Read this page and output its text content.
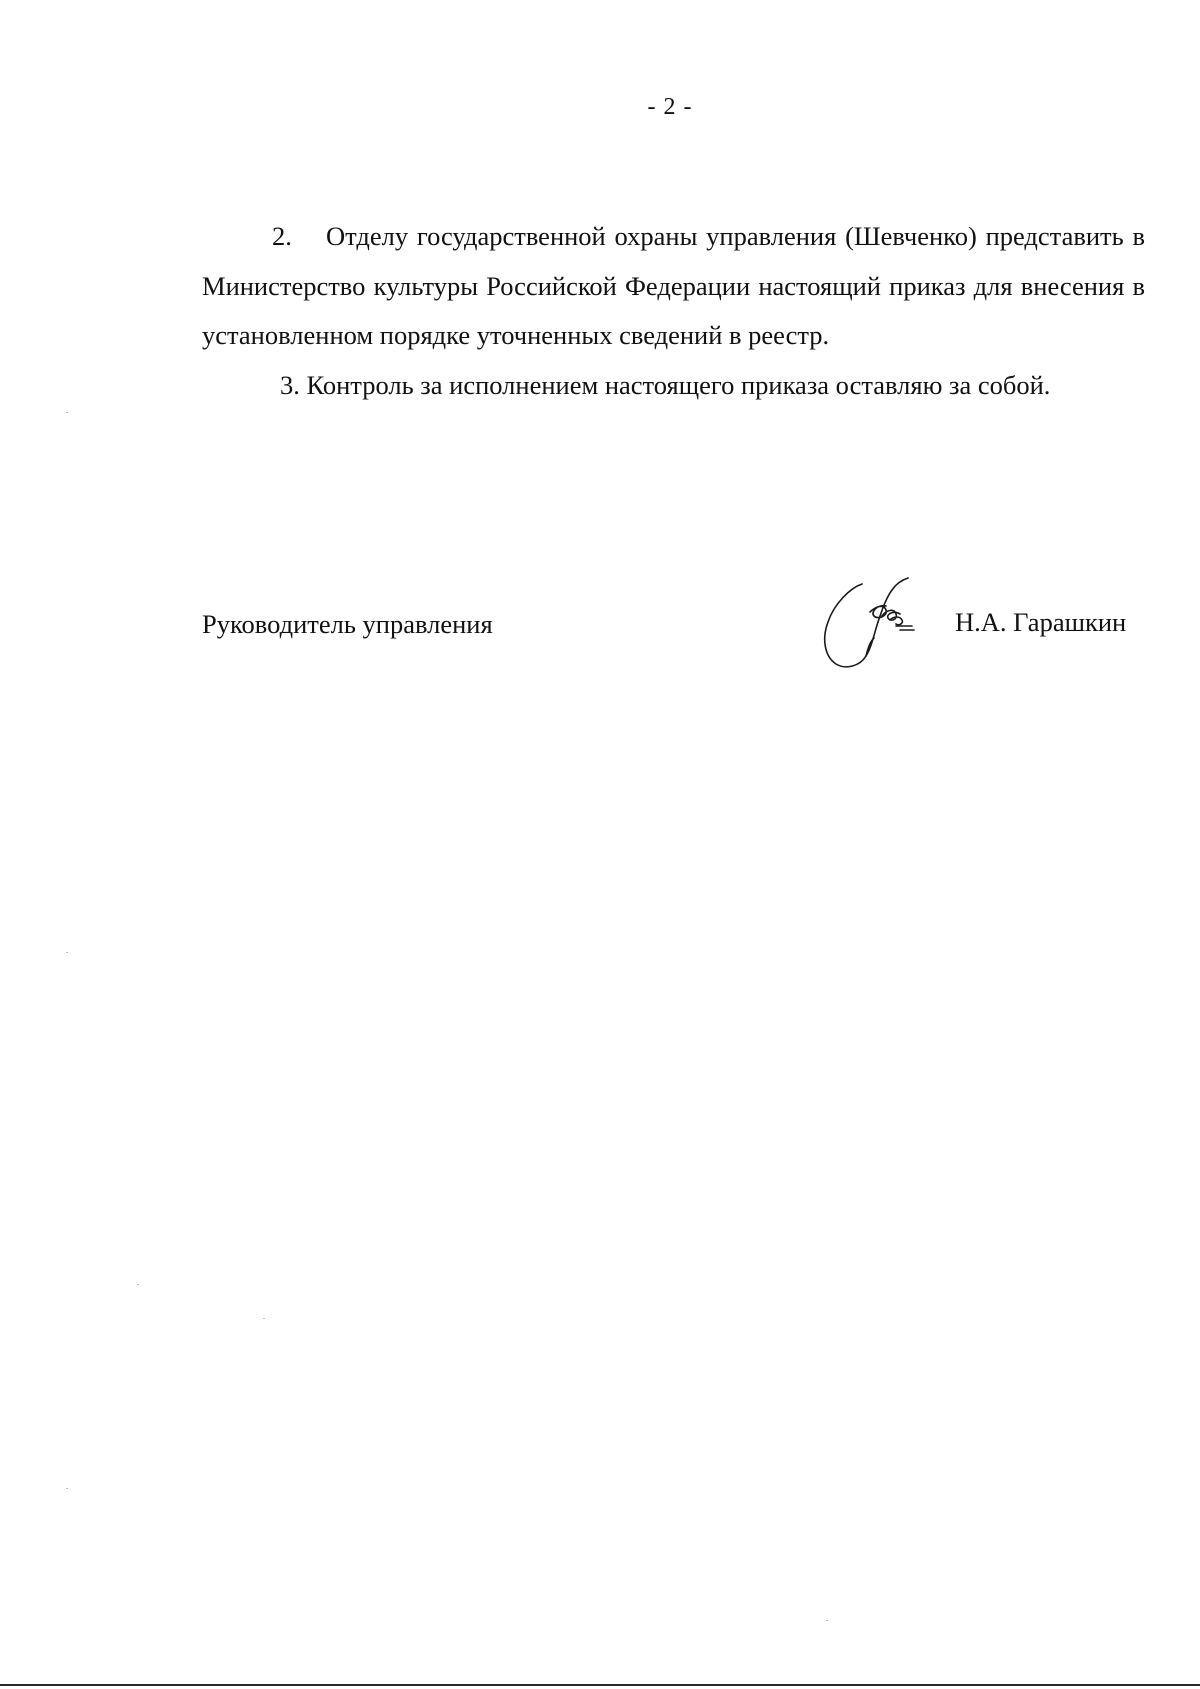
- 2 -

2. Отделу государственной охраны управления (Шевченко) представить в Министерство культуры Российской Федерации настоящий приказ для внесения в установленном порядке уточненных сведений в реестр.

3. Контроль за исполнением настоящего приказа оставляю за собой.

Руководитель управления	Н.А. Гарашкин
